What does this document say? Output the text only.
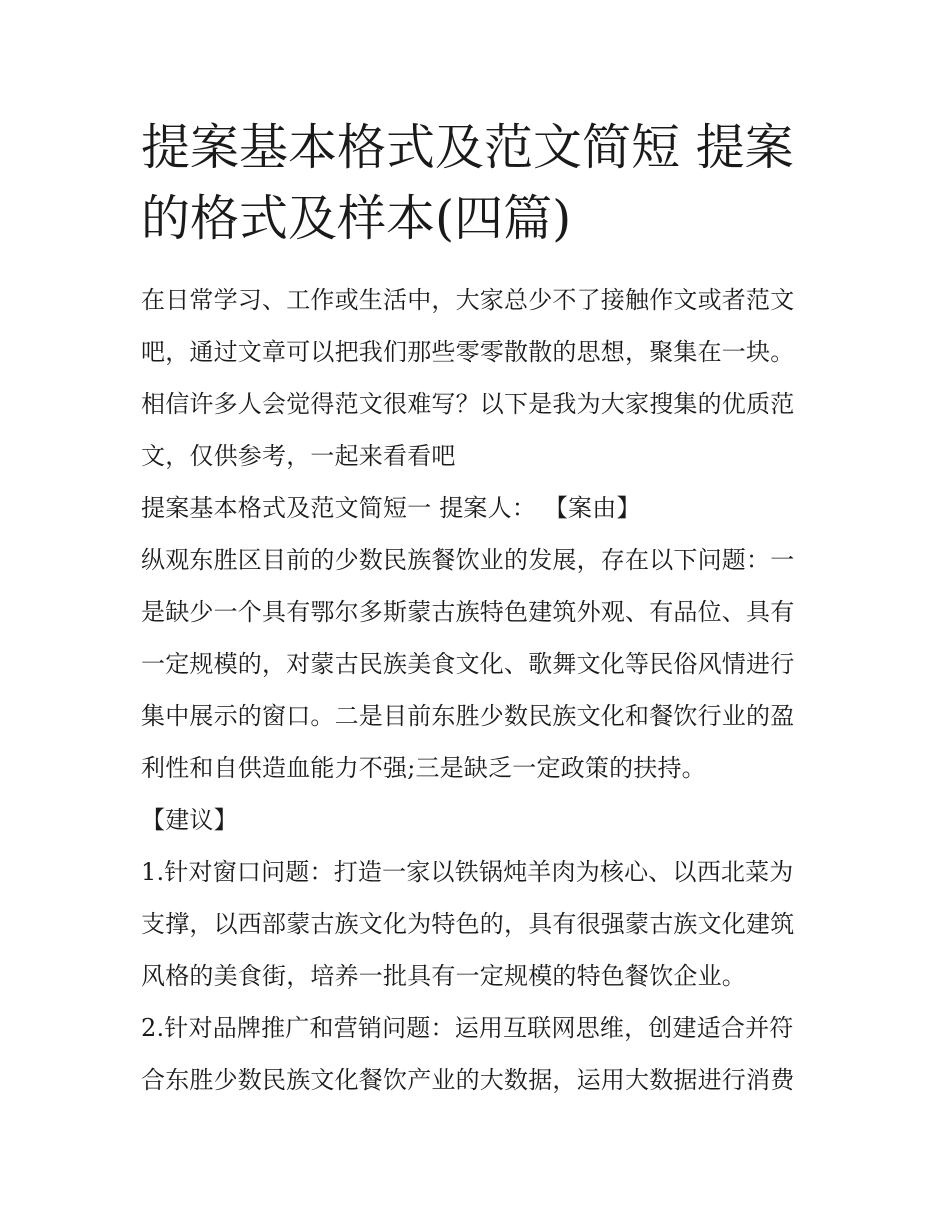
提案基本格式及范文简短 提案
的格式及样本(四篇)

在日常学习、工作或生活中，大家总少不了接触作文或者范文
吧，通过文章可以把我们那些零零散散的思想，聚集在一块。
相信许多人会觉得范文很难写？以下是我为大家搜集的优质范
文，仅供参考，一起来看看吧

提案基本格式及范文简短一 提案人： 【案由】

纵观东胜区目前的少数民族餐饮业的发展，存在以下问题：一
是缺少一个具有鄂尔多斯蒙古族特色建筑外观、有品位、具有
一定规模的，对蒙古民族美食文化、歌舞文化等民俗风情进行
集中展示的窗口。二是目前东胜少数民族文化和餐饮行业的盈
利性和自供造血能力不强;三是缺乏一定政策的扶持。

【建议】

1.针对窗口问题：打造一家以铁锅炖羊肉为核心、以西北菜为
支撑，以西部蒙古族文化为特色的，具有很强蒙古族文化建筑
风格的美食街，培养一批具有一定规模的特色餐饮企业。

2.针对品牌推广和营销问题：运用互联网思维，创建适合并符
合东胜少数民族文化餐饮产业的大数据，运用大数据进行消费
